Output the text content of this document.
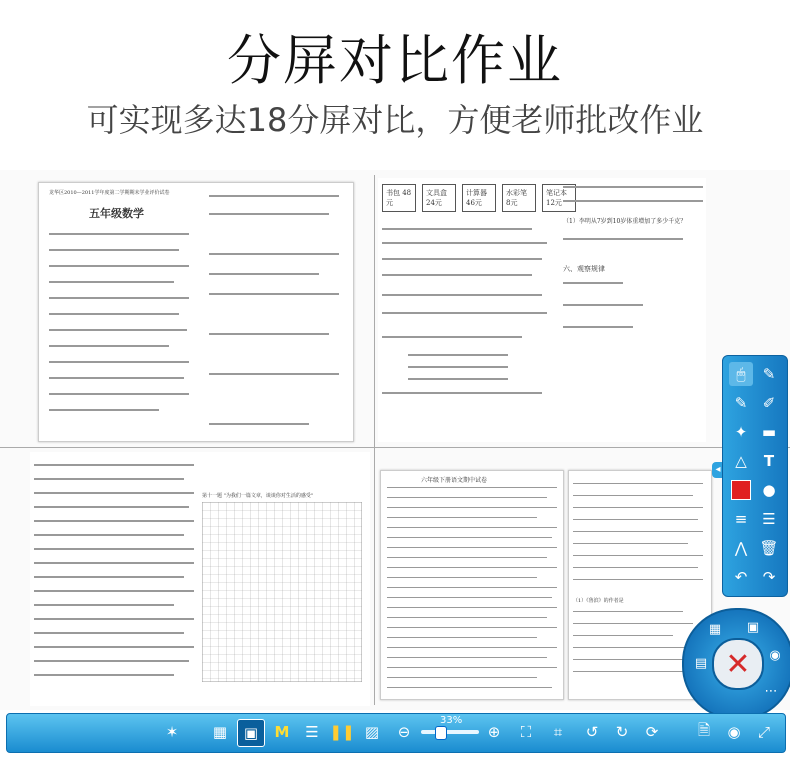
分屏对比作业
可实现多达18分屏对比，方便老师批改作业
龙华区2010—2011学年度第二学期期末学业评价试卷
五年级数学
书包 48元
文具盒 24元
计算器 46元
水彩笔 8元
笔记本 12元
（1）李明从7岁到10岁体重增加了多少千克？
六、观察规律
第十一题 "为我们一篇文章，谈谈你对生活的感受"
六年级下册语文期中试卷
（1）《鲁滨》的作者是
◂
🖱	✎
✎	✐
✦ ▬
△	T
●
≡ ☰
⋀ 🗑
↶	↷
▤
▦	▣
◉
⋯
✕
✶	▦	▣	M	☰ ❚❚ ▨	⊖
33%
⊕	⛶	⌗	↺	↻	⟳	🗎	◉	⤢
